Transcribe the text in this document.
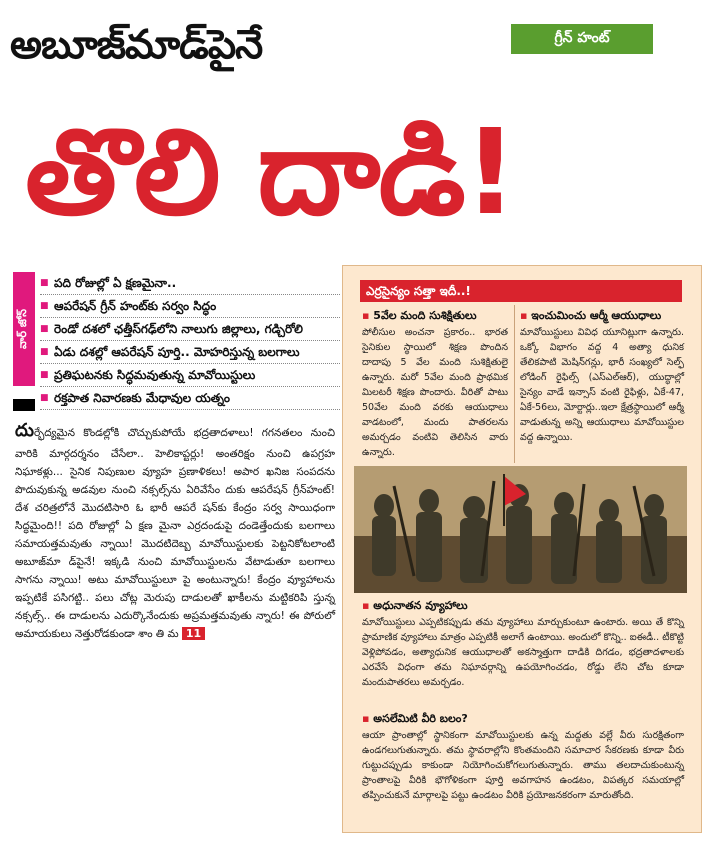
అబూజ్‌మాడ్‌పైనే	గ్రీన్ హంట్
తొలి దాడి!
వార్ జోన్
■ పది రోజుల్లో ఏ క్షణమైనా..
■ ఆపరేషన్ గ్రీన్ హంట్‌కు సర్వం సిద్ధం
■ రెండో దశలో ఛత్తీస్‌గఢ్‌లోని నాలుగు జిల్లాలు, గడ్చిరోలి
■ ఏడు దశల్లో ఆపరేషన్ పూర్తి.. మోహరిస్తున్న బలగాలు
■ ప్రతిఘటనకు సిద్ధమవుతున్న మావోయిస్టులు
■ రక్తపాత నివారణకు మేధావుల యత్నం
దుర్భేద్యమైన కొండల్లోకి చొచ్చుకుపోయే భద్రతాదళాలు! గగనతలం నుంచి వారికి మార్గదర్శనం చేసేలా.. హెలికాప్టర్లు! అంతరిక్షం నుంచి ఉపగ్రహ నిఘాకళ్లు... సైనిక నిపుణుల వ్యూహ ప్రణాళికలు! అపార ఖనిజ సంపదను పొదువుకున్న అడవుల నుంచి నక్సల్స్‌ను ఏరివేసేం దుకు ఆపరేషన్ గ్రీన్‌హంట్! దేశ చరిత్రలోనే మొదటిసారి ఓ భారీ ఆపరే షన్‌కు కేంద్రం సర్వ సాయిధంగా సిద్ధమైంది!! పది రోజుల్లో ఏ క్షణ మైనా ఎర్రదండుపై దండెత్తేందుకు బలగాలు సమాయత్తమవుతు న్నాయి! మొదటిదెబ్బ మావోయిస్టులకు పెట్టనికోటలాంటి అబూజ్‌మా డ్‌పైనే! ఇక్కడి నుంచి మావోయిస్టులను వేటాడుతూ బలగాలు సాగను న్నాయి! అటు మావోయిస్టులూ పై అంటున్నారు! కేంద్రం వ్యూహాలను ఇప్పటికే పసిగట్టి.. పలు చోట్ల మెరుపు దాడులతో ఖాకీలను మట్టికరిపి స్తున్న నక్సల్స్.. ఈ దాడులను ఎదుర్కొనేందుకు అప్రమత్తమవుతు న్నారు! ఈ పోరులో అమాయకులు నెత్తురోడకుండా శాం తి మ 11
ఎర్రసైన్యం సత్తా ఇదీ..!
▪ 5వేల మంది సుశిక్షితులు
పోలీసుల అంచనా ప్రకారం.. భారత సైనికుల స్థాయిలో శిక్షణ పొందిన దాదాపు 5 వేల మంది సుశిక్షితులై ఉన్నారు. మరో 5వేల మంది ప్రాథమిక మిలటరీ శిక్షణ పొందారు. వీరితో పాటు 50వేల మంది వరకు ఆయుధాలు వాడటంలో, మందు పాతరలను అమర్చడం వంటివి తెలిసిన వారు ఉన్నారు.
▪ ఇంచుమించు ఆర్మీ ఆయుధాలు
మావోయిస్టులు వివిధ యూనిట్లుగా ఉన్నారు. ఒక్కో విభాగం వద్ద 4 అత్యా ధునిక తేలికపాటి మెషిన్‌గన్లు, భారీ సంఖ్యలో సెల్ఫ్ లోడింగ్ రైఫిల్స్ (ఎస్ఎల్ఆర్), యుద్ధాల్లో సైన్యం వాడే ఇన్సాస్ వంటి రైఫిళ్లు, ఏకే-47, ఏకే-56లు, మోర్టార్లు..ఇలా క్షేత్రస్థాయిలో ఆర్మీ వాడుతున్న అన్ని ఆయుధాలు మావోయిస్టుల వద్ద ఉన్నాయి.
▪ అధునాతన వ్యూహాలు
మావోయిస్టులు ఎప్పటికప్పుడు తమ వ్యూహాలు మార్చుకుంటూ ఉంటారు. అయి తే కొన్ని ప్రామాణిక వ్యూహాలు మాత్రం ఎప్పటికీ అలాగే ఉంటాయి. అందులో కొన్ని.. ఐఈడీ.. టీకొట్టి వెళ్లిపోవడం, అత్యాధునిక ఆయుధాలతో అకస్మాత్తుగా దాడికి దిగడం, భద్రతాదళాలకు ఎరవేసే విధంగా తమ నిఘావర్గాన్ని ఉపయోగించడం, రోడ్డు లేని చోట కూడా మందుపాతరలు అమర్చడం.
▪ అసలేమిటి వీరి బలం?
ఆయా ప్రాంతాల్లో స్థానికంగా మావోయిస్టులకు ఉన్న మద్దతు వల్లే వీరు సురక్షితంగా ఉండగలుగుతున్నారు. తమ స్థావరాల్లోని కొంతమందిని సమాచార సేకరణకు కూడా వీరు గుట్టుచప్పుడు కాకుండా నియోగించుకోగలుగుతున్నారు. తాము తలదాచుకుంటున్న ప్రాంతాలపై వీరికి భౌగోళికంగా పూర్తి అవగాహన ఉండటం, విపత్కర సమయాల్లో తప్పించుకునే మార్గాలపై పట్టు ఉండటం వీరికి ప్రయోజనకరంగా మారుతోంది.
